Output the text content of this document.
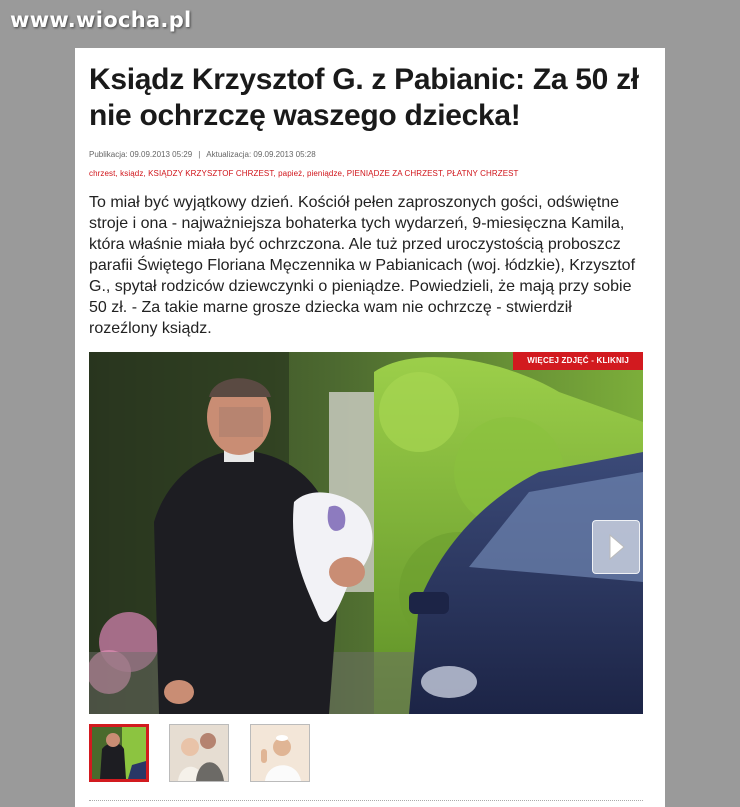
www.wiocha.pl
Ksiądz Krzysztof G. z Pabianic: Za 50 zł nie ochrzczę waszego dziecka!
Publikacja: 09.09.2013 05:29 | Aktualizacja: 09.09.2013 05:28
chrzest, ksiądz, KSIĄDZY KRZYSZTOF CHRZEST, papież, pieniądze, PIENIĄDZE ZA CHRZEST, PŁATNY CHRZEST

To miał być wyjątkowy dzień. Kościół pełen zaproszonych gości, odświętne stroje i ona - najważniejsza bohaterka tych wydarzeń, 9-miesięczna Kamila, która właśnie miała być ochrzczona. Ale tuż przed uroczystością proboszcz parafii Świętego Floriana Męczennika w Pabianicach (woj. łódzkie), Krzysztof G., spytał rodziców dziewczynki o pieniądze. Powiedzieli, że mają przy sobie 50 zł. - Za takie marne grosze dziecka wam nie ochrzczę - stwierdził rozeźlony ksiądz.

WIĘCEJ ZDJĘĆ - KLIKNIJ
